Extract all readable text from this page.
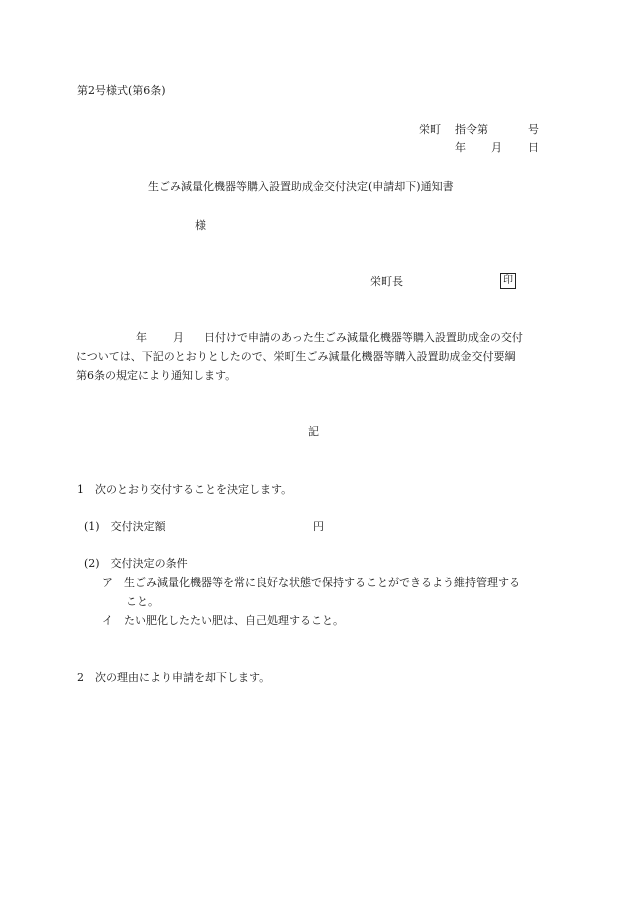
第2号様式(第6条)
栄町 指令第	号
年 月 日
生ごみ減量化機器等購入設置助成金交付決定(申請却下)通知書
様
栄町長	印
年 月 日付けで申請のあった生ごみ減量化機器等購入設置助成金の交付
については、下記のとおりとしたので、栄町生ごみ減量化機器等購入設置助成金交付要綱
第6条の規定により通知します。
記
1　次のとおり交付することを決定します。
(1)　交付決定額	円
(2)　交付決定の条件
ア　生ごみ減量化機器等を常に良好な状態で保持することができるよう維持管理する
こと。
イ　たい肥化したたい肥は、自己処理すること。
2　次の理由により申請を却下します。
